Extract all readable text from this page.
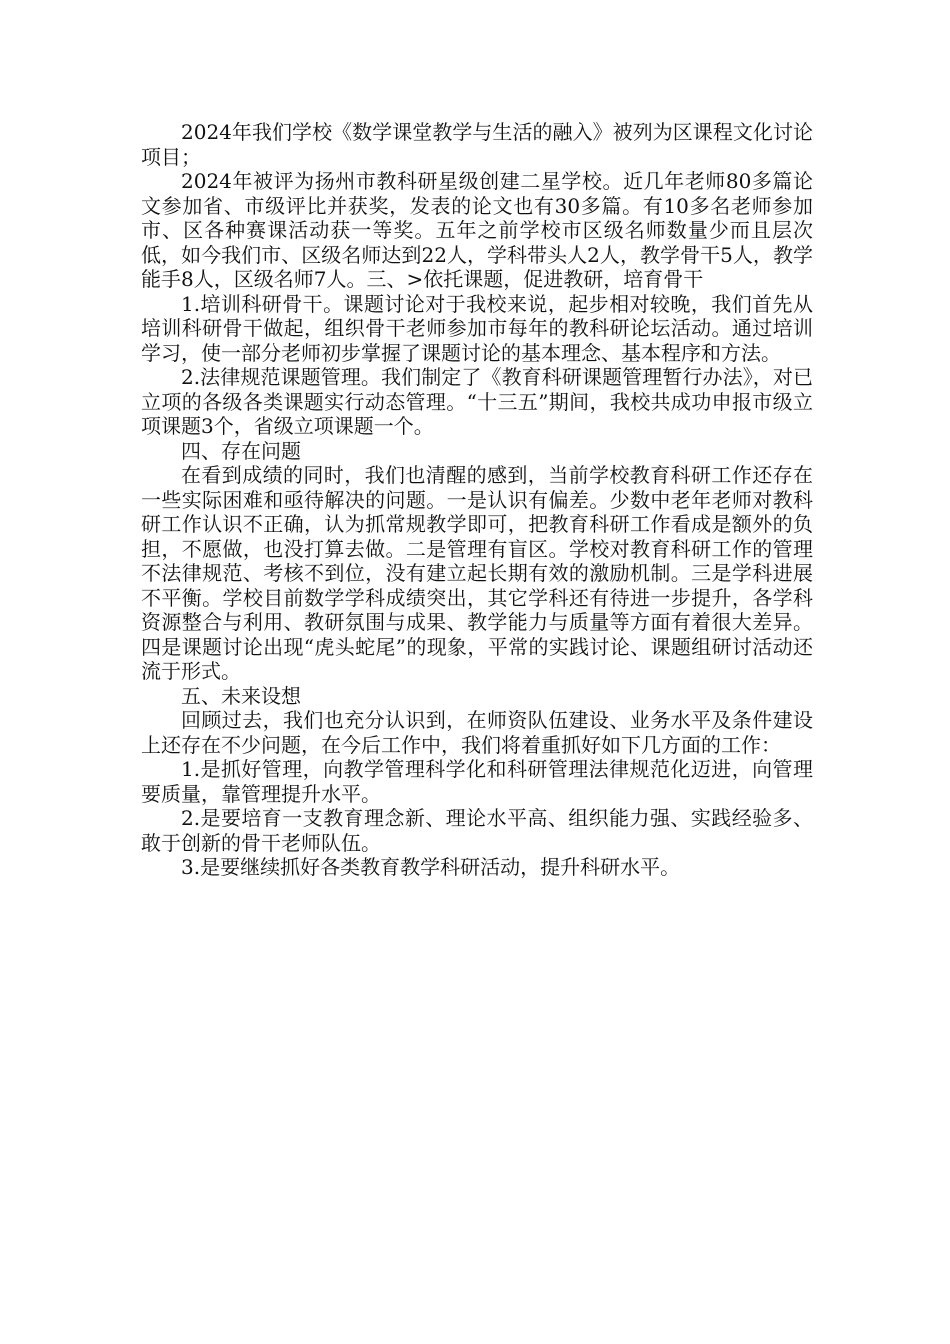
2024年我们学校《数学课堂教学与生活的融入》被列为区课程文化讨论项目；

2024年被评为扬州市教科研星级创建二星学校。近几年老师80多篇论文参加省、市级评比并获奖，发表的论文也有30多篇。有10多名老师参加市、区各种赛课活动获一等奖。五年之前学校市区级名师数量少而且层次低，如今我们市、区级名师达到22人，学科带头人2人，教学骨干5人，教学能手8人，区级名师7人。三、>依托课题，促进教研，培育骨干

1.培训科研骨干。课题讨论对于我校来说，起步相对较晚，我们首先从培训科研骨干做起，组织骨干老师参加市每年的教科研论坛活动。通过培训学习，使一部分老师初步掌握了课题讨论的基本理念、基本程序和方法。

2.法律规范课题管理。我们制定了《教育科研课题管理暂行办法》，对已立项的各级各类课题实行动态管理。“十三五”期间，我校共成功申报市级立项课题3个，省级立项课题一个。

四、存在问题

在看到成绩的同时，我们也清醒的感到，当前学校教育科研工作还存在一些实际困难和亟待解决的问题。一是认识有偏差。少数中老年老师对教科研工作认识不正确，认为抓常规教学即可，把教育科研工作看成是额外的负担，不愿做，也没打算去做。二是管理有盲区。学校对教育科研工作的管理不法律规范、考核不到位，没有建立起长期有效的激励机制。三是学科进展不平衡。学校目前数学学科成绩突出，其它学科还有待进一步提升，各学科资源整合与利用、教研氛围与成果、教学能力与质量等方面有着很大差异。四是课题讨论出现“虎头蛇尾”的现象，平常的实践讨论、课题组研讨活动还流于形式。

五、未来设想

回顾过去，我们也充分认识到，在师资队伍建设、业务水平及条件建设上还存在不少问题，在今后工作中，我们将着重抓好如下几方面的工作：

1.是抓好管理，向教学管理科学化和科研管理法律规范化迈进，向管理要质量，靠管理提升水平。

2.是要培育一支教育理念新、理论水平高、组织能力强、实践经验多、敢于创新的骨干老师队伍。

3.是要继续抓好各类教育教学科研活动，提升科研水平。
